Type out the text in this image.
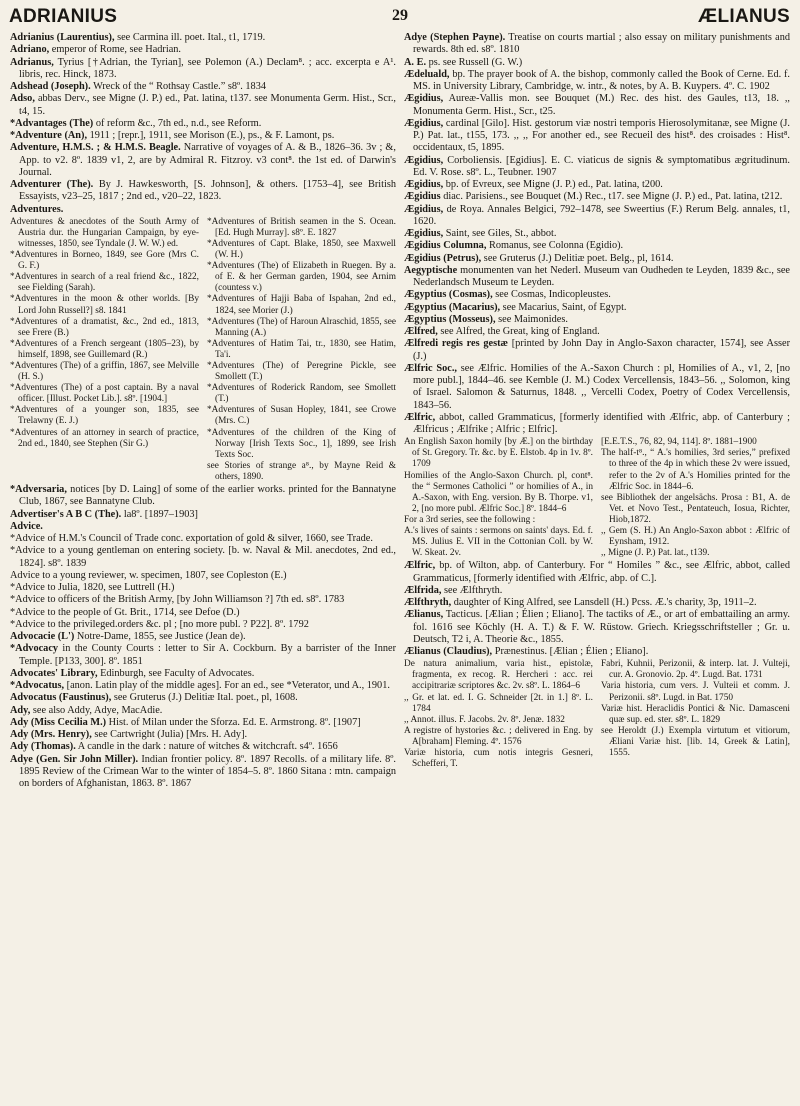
ADRIANIUS	29	ÆLIANUS

Adrianius (Laurentius), see Carmina ill. poet. Ital., t1, 1719.

Adriano, emperor of Rome, see Hadrian.

Adrianus, Tyrius [†Adrian, the Tyrian], see Polemon (A.) Declam⁸. ; acc. excerpta e A¹. libris, rec. Hinck, 1873.

Adshead (Joseph). Wreck of the “ Rothsay Castle.” s8º. 1834

Adso, abbas Derv., see Migne (J. P.) ed., Pat. latina, t137. see Monumenta Germ. Hist., Scr., t4, 15.

*Advantages (The) of reform &c., 7th ed., n.d., see Reform.

*Adventure (An), 1911 ; [repr.], 1911, see Morison (E.), ps., & F. Lamont, ps.

Adventure, H.M.S. ; & H.M.S. Beagle. Narrative of voyages of A. & B., 1826–36. 3v ; &, App. to v2. 8º. 1839 v1, 2, are by Admiral R. Fitzroy. v3 cont⁸. the 1st ed. of Darwin's Journal.

Adventurer (The). By J. Hawkesworth, [S. Johnson], & others. [1753–4], see British Essayists, v23–25, 1817 ; 2nd ed., v20–22, 1823.

Adventures.

Adventures & anecdotes of the South Army of Austria dur. the Hungarian Campaign, by eye-witnesses, 1850, see Tyndale (J. W. W.) ed.

*Adventures in Borneo, 1849, see Gore (Mrs C. G. F.)

*Adventures in search of a real friend &c., 1822, see Fielding (Sarah).

*Adventures in the moon & other worlds. [By Lord John Russell?] s8. 1841

*Adventures of a dramatist, &c., 2nd ed., 1813, see Frere (B.)

*Adventures of a French sergeant (1805–23), by himself, 1898, see Guillemard (R.)

*Adventures (The) of a griffin, 1867, see Melville (H. S.)

*Adventures (The) of a post captain. By a naval officer. [Illust. Pocket Lib.]. s8º. [1904.]

*Adventures of a younger son, 1835, see Trelawny (E. J.)

*Adventures of an attorney in search of practice, 2nd ed., 1840, see Stephen (Sir G.)

*Adventures of British seamen in the S. Ocean. [Ed. Hugh Murray]. s8º. E. 1827

*Adventures of Capt. Blake, 1850, see Maxwell (W. H.)

*Adventures (The) of Elizabeth in Ruegen. By a. of E. & her German garden, 1904, see Arnim (countess v.)

*Adventures of Hajji Baba of Ispahan, 2nd ed., 1824, see Morier (J.)

*Adventures (The) of Haroun Alraschid, 1855, see Manning (A.)

*Adventures of Hatim Tai, tr., 1830, see Hatim, Ta'i.

*Adventures (The) of Peregrine Pickle, see Smollett (T.)

*Adventures of Roderick Random, see Smollett (T.)

*Adventures of Susan Hopley, 1841, see Crowe (Mrs. C.)

*Adventures of the children of the King of Norway [Irish Texts Soc., 1], 1899, see Irish Texts Soc.

see Stories of strange a⁸., by Mayne Reid & others, 1890.

*Adversaria, notices [by D. Laing] of some of the earlier works. printed for the Bannatyne Club, 1867, see Bannatyne Club.

Advertiser's A B C (The). la8º. [1897–1903]

Advice.

*Advice of H.M.'s Council of Trade conc. exportation of gold & silver, 1660, see Trade.

*Advice to a young gentleman on entering society. [b. w. Naval & Mil. anecdotes, 2nd ed., 1824]. s8º. 1839

Advice to a young reviewer, w. specimen, 1807, see Copleston (E.)

*Advice to Julia, 1820, see Luttrell (H.)

*Advice to officers of the British Army, [by John Williamson ?] 7th ed. s8º. 1783

*Advice to the people of Gt. Brit., 1714, see Defoe (D.)

*Advice to the privileged.orders &c. pl ; [no more publ. ? P22]. 8º. 1792

Advocacie (L') Notre-Dame, 1855, see Justice (Jean de).

*Advocacy in the County Courts : letter to Sir A. Cockburn. By a barrister of the Inner Temple. [P133, 300]. 8º. 1851

Advocates' Library, Edinburgh, see Faculty of Advocates.

*Advocatus, [anon. Latin play of the middle ages]. For an ed., see *Veterator, und A., 1901.

Advocatus (Faustinus), see Gruterus (J.) Delitiæ Ital. poet., pl, 1608.

Ady, see also Addy, Adye, MacAdie.

Ady (Miss Cecilia M.) Hist. of Milan under the Sforza. Ed. E. Armstrong. 8º. [1907]

Ady (Mrs. Henry), see Cartwright (Julia) [Mrs. H. Ady].

Ady (Thomas). A candle in the dark : nature of witches & witchcraft. s4º. 1656

Adye (Gen. Sir John Miller). Indian frontier policy. 8º. 1897 Recolls. of a military life. 8º. 1895 Review of the Crimean War to the winter of 1854–5. 8º. 1860 Sitana : mtn. campaign on borders of Afghanistan, 1863. 8º. 1867

Adye (Stephen Payne). Treatise on courts martial ; also essay on military punishments and rewards. 8th ed. s8º. 1810

A. E. ps. see Russell (G. W.)

Ædeluald, bp. The prayer book of A. the bishop, commonly called the Book of Cerne. Ed. f. MS. in University Library, Cambridge, w. intr., & notes, by A. B. Kuypers. 4º. C. 1902

Ægidius, Aureæ-Vallis mon. see Bouquet (M.) Rec. des hist. des Gaules, t13, 18. ,, Monumenta Germ. Hist., Scr., t25.

Ægidius, cardinal [Gilo]. Hist. gestorum viæ nostri temporis Hierosolymitanæ, see Migne (J. P.) Pat. lat., t155, 173. ,, ,, For another ed., see Recueil des hist⁸. des croisades : Hist⁸. occidentaux, t5, 1895.

Ægidius, Corboliensis. [Egidius]. E. C. viaticus de signis & symptomatibus ægritudinum. Ed. V. Rose. s8º. L., Teubner. 1907

Ægidius, bp. of Evreux, see Migne (J. P.) ed., Pat. latina, t200.

Ægidius diac. Parisiens., see Bouquet (M.) Rec., t17. see Migne (J. P.) ed., Pat. latina, t212.

Ægidius, de Roya. Annales Belgici, 792–1478, see Sweertius (F.) Rerum Belg. annales, t1, 1620.

Ægidius, Saint, see Giles, St., abbot.

Ægidius Columna, Romanus, see Colonna (Egidio).

Ægidius (Petrus), see Gruterus (J.) Delitiæ poet. Belg., pl, 1614.

Aegyptische monumenten van het Nederl. Museum van Oudheden te Leyden, 1839 &c., see Nederlandsch Museum te Leyden.

Ægyptius (Cosmas), see Cosmas, Indicopleustes.

Ægyptius (Macarius), see Macarius, Saint, of Egypt.

Ægyptius (Mosseus), see Maimonides.

Ælfred, see Alfred, the Great, king of England.

Ælfredi regis res gestæ [printed by John Day in Anglo-Saxon character, 1574], see Asser (J.)

Ælfric Soc., see Ælfric. Homilies of the A.-Saxon Church : pl, Homilies of A., v1, 2, [no more publ.], 1844–46. see Kemble (J. M.) Codex Vercellensis, 1843–56. ,, Solomon, king of Israel. Salomon & Saturnus, 1848. ,, Vercelli Codex, Poetry of Codex Vercellensis, 1843–56.

Ælfric, abbot, called Grammaticus, [formerly identified with Ælfric, abp. of Canterbury ; Ælfricus ; Ælfrike ; Alfric ; Elfric].

An English Saxon homily [by Æ.] on the birthday of St. Gregory. Tr. &c. by E. Elstob. 4p in 1v. 8º. 1709

Homilies of the Anglo-Saxon Church. pl, cont⁸. the “ Sermones Catholici ” or homilies of A., in A.-Saxon, with Eng. version. By B. Thorpe. v1, 2, [no more publ. Ælfric Soc.] 8º. 1844–6

For a 3rd series, see the following :

A.'s lives of saints : sermons on saints' days. Ed. f. MS. Julius E. VII in the Cottonian Coll. by W. W. Skeat. 2v.

[E.E.T.S., 76, 82, 94, 114]. 8º. 1881–1900

The half-t⁸., “ A.'s homilies, 3rd series,” prefixed to three of the 4p in which these 2v were issued, refer to the 2v of A.'s Homilies printed for the Ælfric Soc. in 1844–6.

see Bibliothek der angelsächs. Prosa : B1, A. de Vet. et Novo Test., Pentateuch, Iosua, Richter, Hiob,1872.

,, Gem (S. H.) An Anglo-Saxon abbot : Ælfric of Eynsham, 1912.

,, Migne (J. P.) Pat. lat., t139.

Ælfric, bp. of Wilton, abp. of Canterbury. For “ Homiles ” &c., see Ælfric, abbot, called Grammaticus, [formerly identified with Ælfric, abp. of C.].

Ælfrida, see Ælfthryth.

Ælfthryth, daughter of King Alfred, see Lansdell (H.) Pcss. Æ.'s charity, 3p, 1911–2.

Ælianus, Tacticus. [Ælian ; Élien ; Eliano]. The tactiks of Æ., or art of embattailing an army. fol. 1616 see Köchly (H. A. T.) & F. W. Rüstow. Griech. Kriegsschriftsteller ; Gr. u. Deutsch, T2 i, A. Theorie &c., 1855.

Ælianus (Claudius), Prænestinus. [Ælian ; Élien ; Eliano].

De natura animalium, varia hist., epistolæ, fragmenta, ex recog. R. Hercheri : acc. rei accipitrariæ scriptores &c. 2v. s8º. L. 1864–6

,, Gr. et lat. ed. I. G. Schneider [2t. in 1.] 8º. L. 1784

,, Annot. illus. F. Jacobs. 2v. 8º. Jenæ. 1832

A registre of hystories &c. ; delivered in Eng. by A[braham] Fleming. 4º. 1576

Variæ historia, cum notis integris Gesneri, Schefferi, T.

Fabri, Kuhnii, Perizonii, & interp. lat. J. Vulteji, cur. A. Gronovio. 2p. 4º. Lugd. Bat. 1731

Varia historia, cum vers. J. Vulteii et comm. J. Perizonii. s8º. Lugd. in Bat. 1750

Variæ hist. Heraclidis Pontici & Nic. Damasceni quæ sup. ed. ster. s8º. L. 1829

see Heroldt (J.) Exempla virtutum et vitiorum, Æliani Variæ hist. [lib. 14, Greek & Latin], 1555.
